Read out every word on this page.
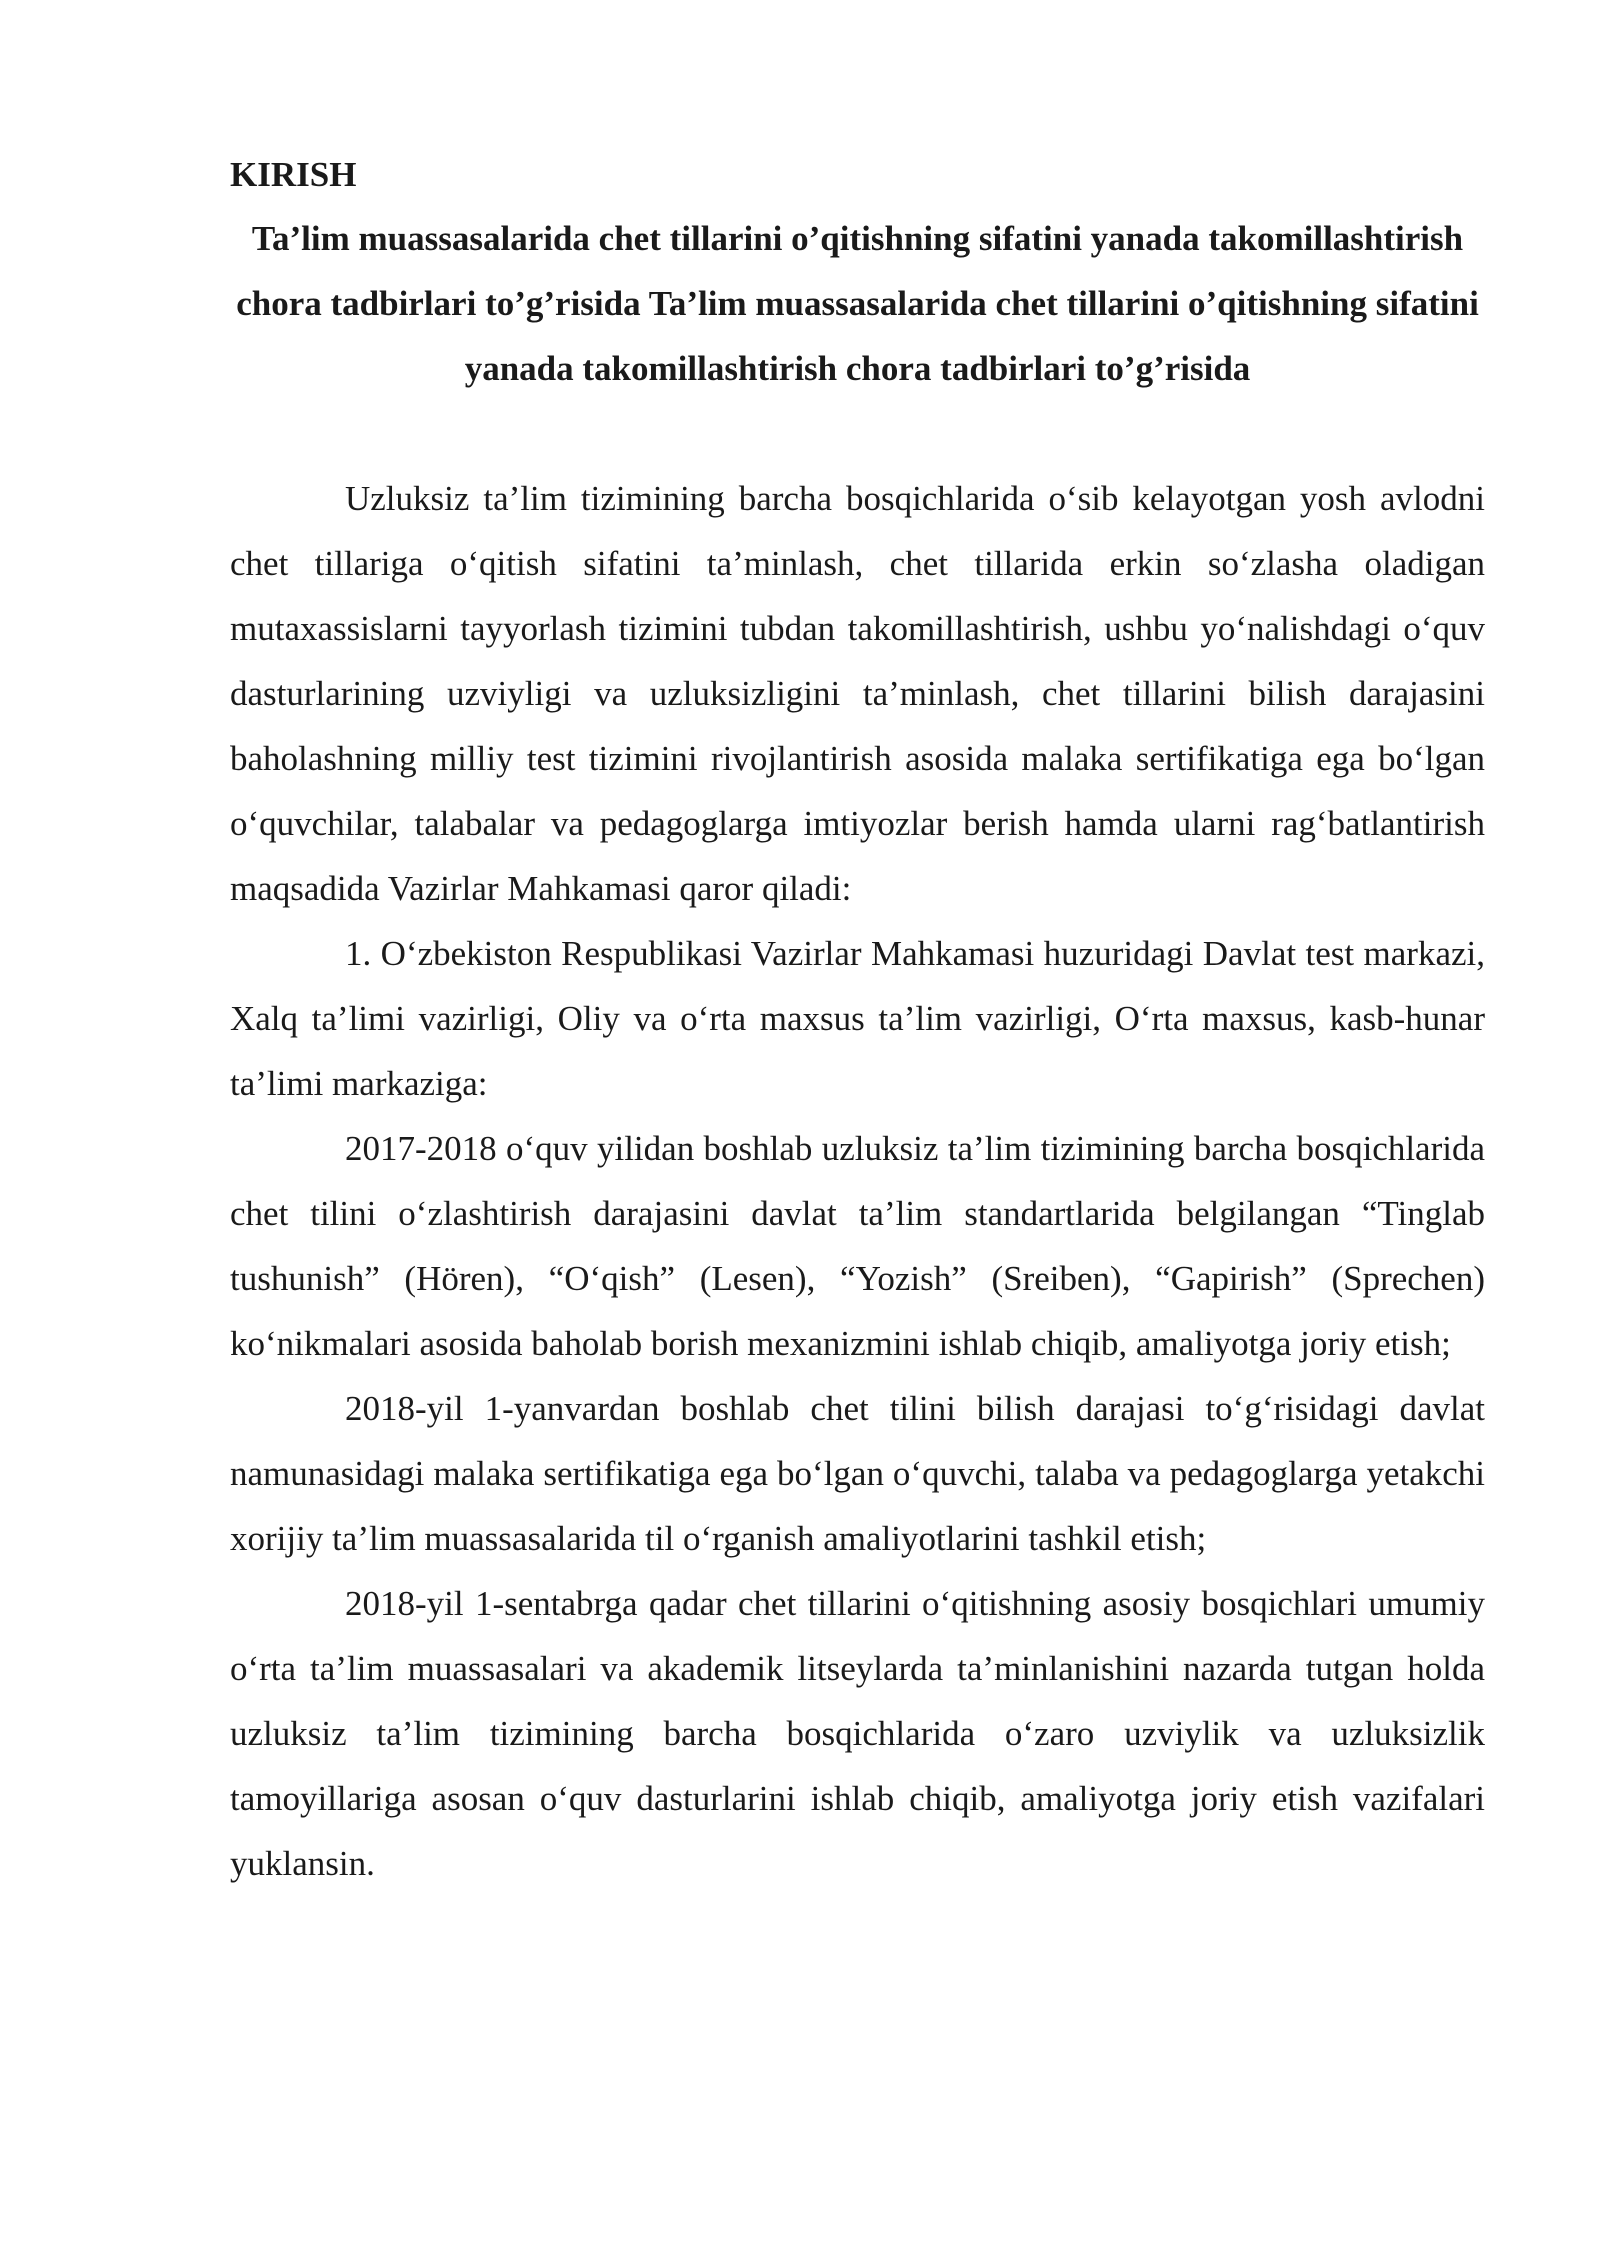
KIRISH
Ta’lim muassasalarida chet tillarini o’qitishning sifatini yanada takomillashtirish chora tadbirlari to’g’risida Ta’lim muassasalarida chet tillarini o’qitishning sifatini yanada takomillashtirish chora tadbirlari to’g’risida

Uzluksiz ta’lim tizimining barcha bosqichlarida oʻsib kelayotgan yosh avlodni chet tillariga oʻqitish sifatini ta’minlash, chet tillarida erkin soʻzlasha oladigan mutaxassislarni tayyorlash tizimini tubdan takomillashtirish, ushbu yoʻnalishdagi oʻquv dasturlarining uzviyligi va uzluksizligini ta’minlash, chet tillarini bilish darajasini baholashning milliy test tizimini rivojlantirish asosida malaka sertifikatiga ega boʻlgan oʻquvchilar, talabalar va pedagoglarga imtiyozlar berish hamda ularni ragʻbatlantirish maqsadida Vazirlar Mahkamasi qaror qiladi:

1. Oʻzbekiston Respublikasi Vazirlar Mahkamasi huzuridagi Davlat test markazi, Xalq ta’limi vazirligi, Oliy va oʻrta maxsus ta’lim vazirligi, Oʻrta maxsus, kasb-hunar ta’limi markaziga:

2017-2018 oʻquv yilidan boshlab uzluksiz ta’lim tizimining barcha bosqichlarida chet tilini oʻzlashtirish darajasini davlat ta’lim standartlarida belgilangan “Tinglab tushunish” (Hören), “Oʻqish” (Lesen), “Yozish” (Sreiben), “Gapirish” (Sprechen) koʻnikmalari asosida baholab borish mexanizmini ishlab chiqib, amaliyotga joriy etish;

2018-yil 1-yanvardan boshlab chet tilini bilish darajasi toʻgʻrisidagi davlat namunasidagi malaka sertifikatiga ega boʻlgan oʻquvchi, talaba va pedagoglarga yetakchi xorijiy ta’lim muassasalarida til oʻrganish amaliyotlarini tashkil etish;

2018-yil 1-sentabrga qadar chet tillarini oʻqitishning asosiy bosqichlari umumiy oʻrta ta’lim muassasalari va akademik litseylarda ta’minlanishini nazarda tutgan holda uzluksiz ta’lim tizimining barcha bosqichlarida oʻzaro uzviylik va uzluksizlik tamoyillariga asosan oʻquv dasturlarini ishlab chiqib, amaliyotga joriy etish vazifalari yuklansin.
